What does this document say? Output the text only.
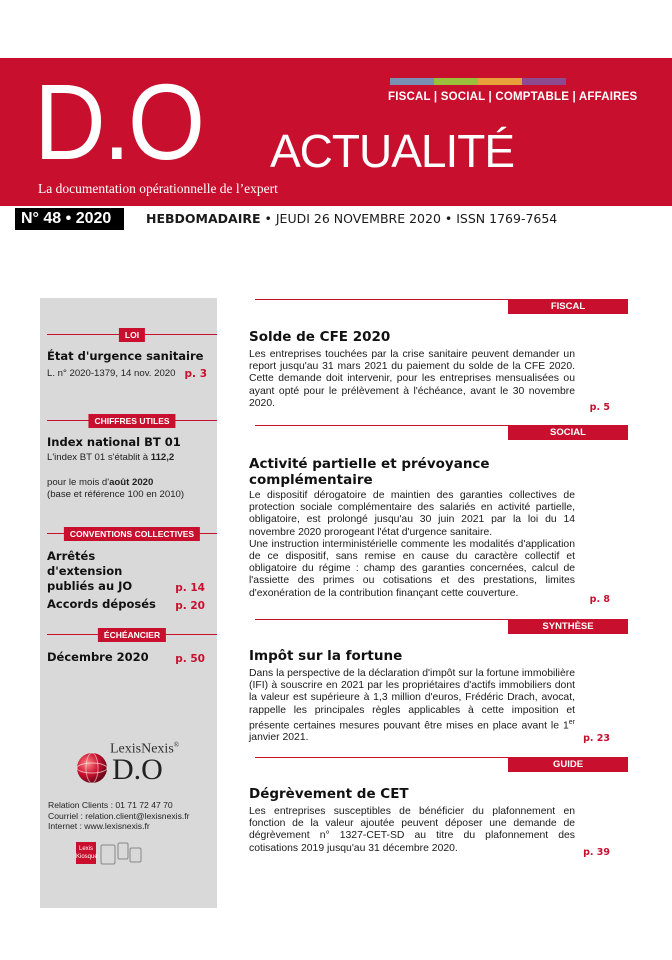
FISCAL | SOCIAL | COMPTABLE | AFFAIRES
D.O ACTUALITÉ
La documentation opérationnelle de l’expert
N° 48 • 2020	HEBDOMADAIRE • JEUDI 26 NOVEMBRE 2020 • ISSN 1769-7654
LOI
État d'urgence sanitaire
L. n° 2020-1379, 14 nov. 2020 p. 3
CHIFFRES UTILES
Index national BT 01
L'index BT 01 s'établit à 112,2
pour le mois d'août 2020
(base et référence 100 en 2010)
CONVENTIONS COLLECTIVES
Arrêtés d'extension publiés au JO	p. 14
Accords déposés p. 20
ÉCHÉANCIER
Décembre 2020	p. 50
LexisNexis®
D.O
Relation Clients : 01 71 72 47 70
Courriel : relation.client@lexisnexis.fr
Internet : www.lexisnexis.fr
Lexis Kiosque
FISCAL
Solde de CFE 2020
Les entreprises touchées par la crise sanitaire peuvent demander un report jusqu'au 31 mars 2021 du paiement du solde de la CFE 2020. Cette demande doit intervenir, pour les entreprises mensualisées ou ayant opté pour le prélèvement à l'échéance, avant le 30 novembre 2020.	p. 5
SOCIAL
Activité partielle et prévoyance complémentaire
Le dispositif dérogatoire de maintien des garanties collectives de protection sociale complémentaire des salariés en activité partielle, obligatoire, est prolongé jusqu'au 30 juin 2021 par la loi du 14 novembre 2020 prorogeant l'état d'urgence sanitaire.
Une instruction interministérielle commente les modalités d'application de ce dispositif, sans remise en cause du caractère collectif et obligatoire du régime : champ des garanties concernées, calcul de l'assiette des primes ou cotisations et des prestations, limites d'exonération de la contribution finançant cette couverture.
p. 8
SYNTHÈSE
Impôt sur la fortune
Dans la perspective de la déclaration d'impôt sur la fortune immobilière (IFI) à souscrire en 2021 par les propriétaires d'actifs immobiliers dont la valeur est supérieure à 1,3 million d'euros, Frédéric Drach, avocat, rappelle les principales règles applicables à cette imposition et présente certaines mesures pouvant être mises en place avant le 1er janvier 2021.	p. 23
GUIDE
Dégrèvement de CET
Les entreprises susceptibles de bénéficier du plafonnement en fonction de la valeur ajoutée peuvent déposer une demande de dégrèvement n° 1327-CET-SD au titre du plafonnement des cotisations 2019 jusqu'au 31 décembre 2020.	p. 39
